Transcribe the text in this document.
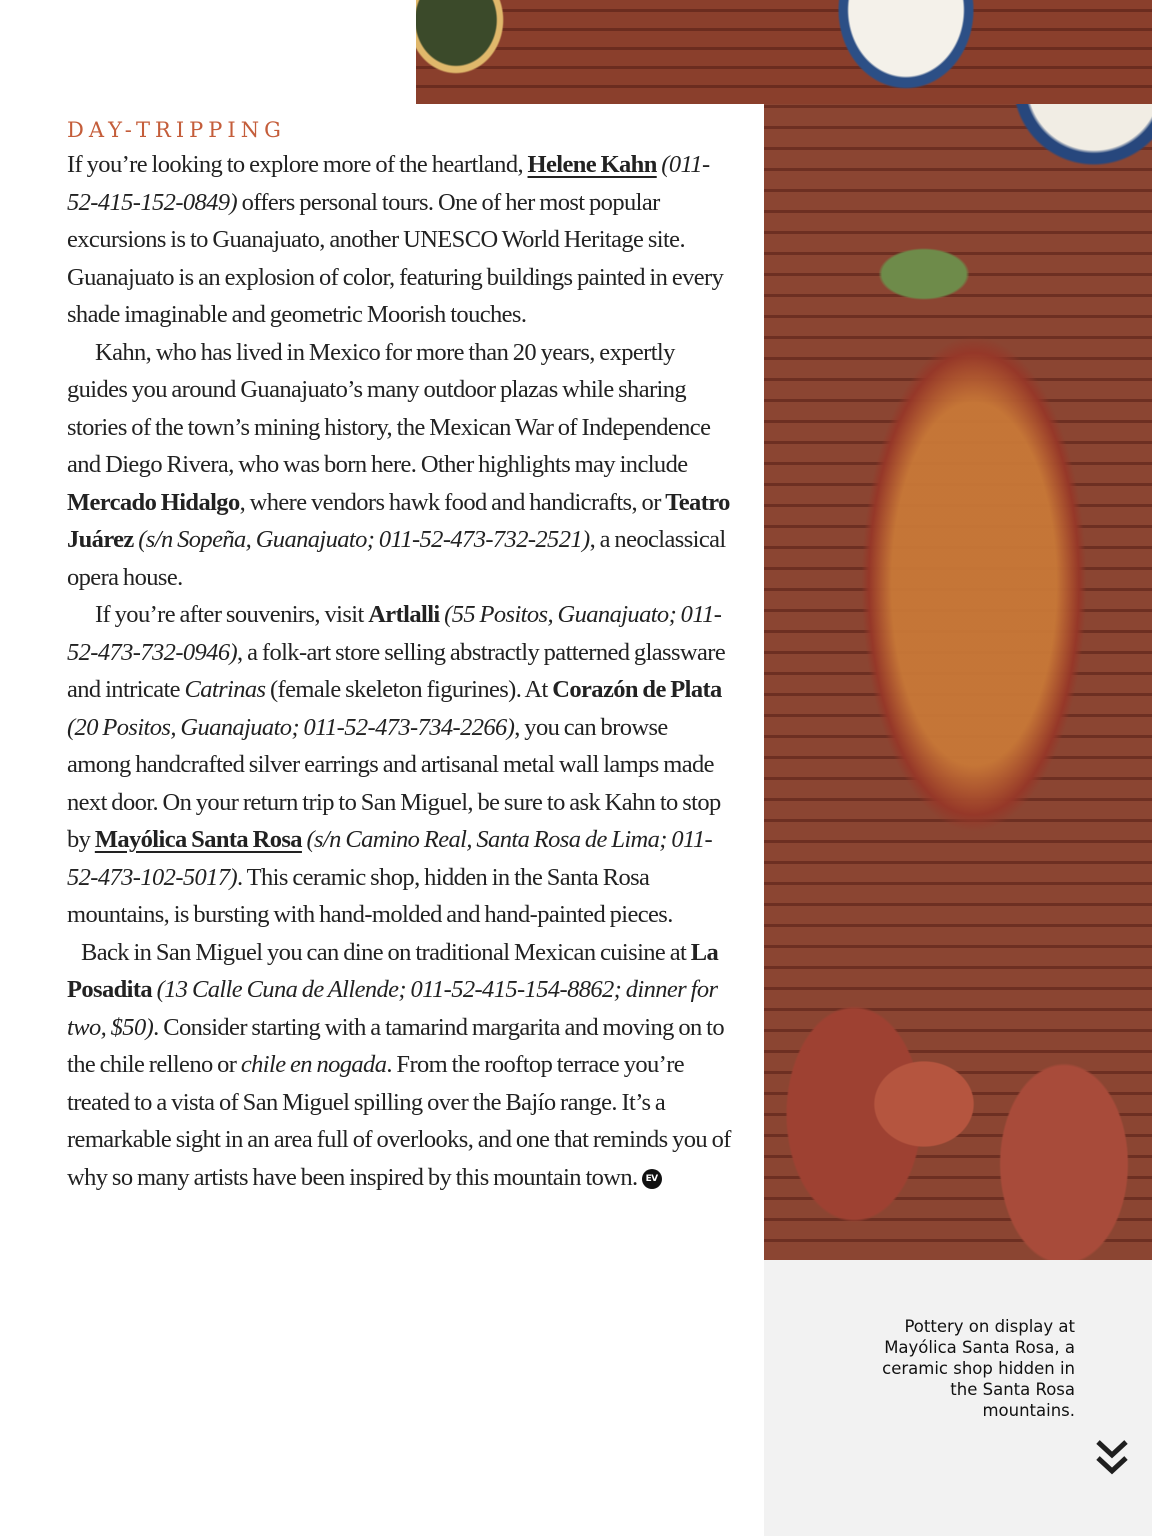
DAY-TRIPPING

If you’re looking to explore more of the heartland, Helene Kahn (011-52-415-152-0849) offers personal tours. One of her most popular excursions is to Guanajuato, another UNESCO World Heritage site. Guanajuato is an explosion of color, featuring buildings painted in every shade imaginable and geometric Moorish touches.

Kahn, who has lived in Mexico for more than 20 years, expertly guides you around Guanajuato’s many outdoor plazas while sharing stories of the town’s mining history, the Mexican War of Independence and Diego Rivera, who was born here. Other highlights may include Mercado Hidalgo, where vendors hawk food and handicrafts, or Teatro Juárez (s/n Sopeña, Guanajuato; 011-52-473-732-2521), a neoclassical opera house.

If you’re after souvenirs, visit Artlalli (55 Positos, Guanajuato; 011-52-473-732-0946), a folk-art store selling abstractly patterned glassware and intricate Catrinas (female skeleton figurines). At Corazón de Plata (20 Positos, Guanajuato; 011-52-473-734-2266), you can browse among handcrafted silver earrings and artisanal metal wall lamps made next door. On your return trip to San Miguel, be sure to ask Kahn to stop by Mayólica Santa Rosa (s/n Camino Real, Santa Rosa de Lima; 011-52-473-102-5017). This ceramic shop, hidden in the Santa Rosa mountains, is bursting with hand-molded and hand-painted pieces.

Back in San Miguel you can dine on traditional Mexican cuisine at La Posadita (13 Calle Cuna de Allende; 011-52-415-154-8862; dinner for two, $50). Consider starting with a tamarind margarita and moving on to the chile relleno or chile en nogada. From the rooftop terrace you’re treated to a vista of San Miguel spilling over the Bajío range. It’s a remarkable sight in an area full of overlooks, and one that reminds you of why so many artists have been inspired by this mountain town. EV

Pottery on display at Mayólica Santa Rosa, a ceramic shop hidden in the Santa Rosa mountains.
